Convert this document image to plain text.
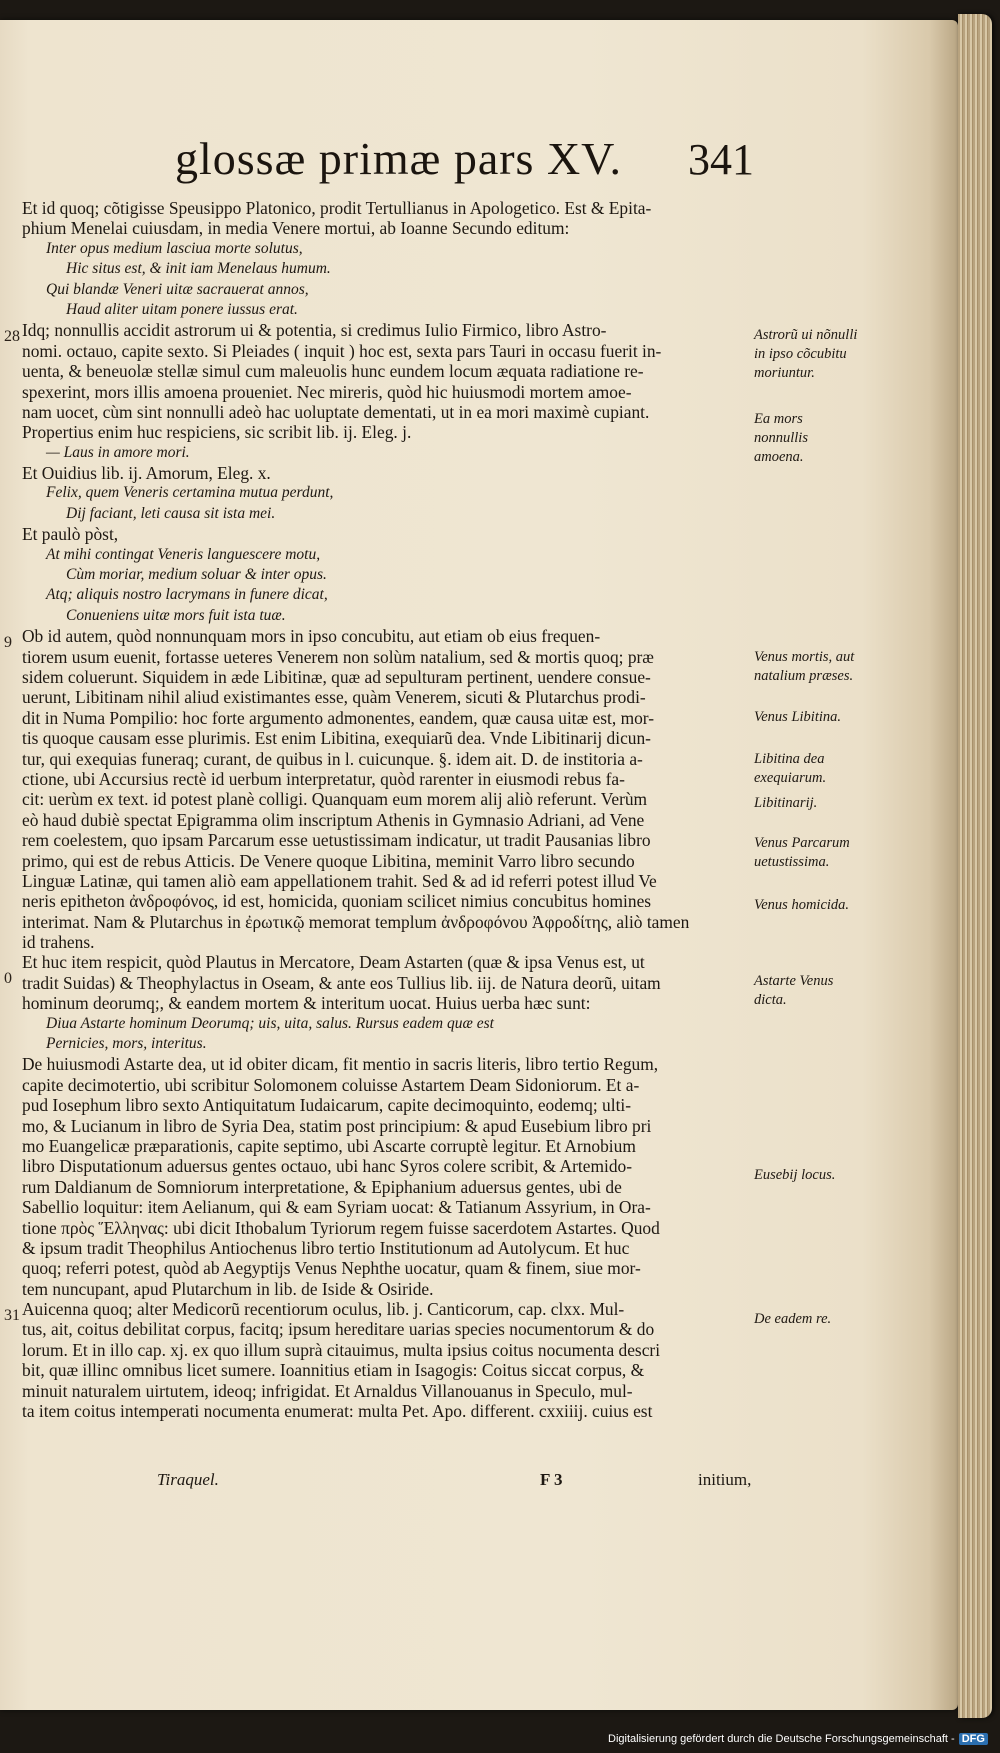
glossæ primæ pars XV. 341
28
9
0
31
Et id quoq; cõtigisse Speusippo Platonico, prodit Tertullianus in Apologetico. Est & Epita-
phium Menelai cuiusdam, in media Venere mortui, ab Ioanne Secundo editum:
Inter opus medium lasciua morte solutus,
Hic situs est, & init iam Menelaus humum.
Qui blandæ Veneri uitæ sacrauerat annos,
Haud aliter uitam ponere iussus erat.
Idq; nonnullis accidit astrorum ui & potentia, si credimus Iulio Firmico, libro Astro-
nomi. octauo, capite sexto. Si Pleiades ( inquit ) hoc est, sexta pars Tauri in occasu fuerit in-
uenta, & beneuolæ stellæ simul cum maleuolis hunc eundem locum æquata radiatione re-
spexerint, mors illis amoena proueniet. Nec mireris, quòd hic huiusmodi mortem amoe-
nam uocet, cùm sint nonnulli adeò hac uoluptate dementati, ut in ea mori maximè cupiant.
Propertius enim huc respiciens, sic scribit lib. ij. Eleg. j.
— Laus in amore mori.
Et Ouidius lib. ij. Amorum, Eleg. x.
Felix, quem Veneris certamina mutua perdunt,
Dij faciant, leti causa sit ista mei.
Et paulò pòst,
At mihi contingat Veneris languescere motu,
Cùm moriar, medium soluar & inter opus.
Atq; aliquis nostro lacrymans in funere dicat,
Conueniens uitæ mors fuit ista tuæ.
Ob id autem, quòd nonnunquam mors in ipso concubitu, aut etiam ob eius frequen-
tiorem usum euenit, fortasse ueteres Venerem non solùm natalium, sed & mortis quoq; præ
sidem coluerunt. Siquidem in æde Libitinæ, quæ ad sepulturam pertinent, uendere consue-
uerunt, Libitinam nihil aliud existimantes esse, quàm Venerem, sicuti & Plutarchus prodi-
dit in Numa Pompilio: hoc forte argumento admonentes, eandem, quæ causa uitæ est, mor-
tis quoque causam esse plurimis. Est enim Libitina, exequiarũ dea. Vnde Libitinarij dicun-
tur, qui exequias funeraq; curant, de quibus in l. cuicunque. §. idem ait. D. de institoria a-
ctione, ubi Accursius rectè id uerbum interpretatur, quòd rarenter in eiusmodi rebus fa-
cit: uerùm ex text. id potest planè colligi. Quanquam eum morem alij aliò referunt. Verùm
eò haud dubiè spectat Epigramma olim inscriptum Athenis in Gymnasio Adriani, ad Vene
rem coelestem, quo ipsam Parcarum esse uetustissimam indicatur, ut tradit Pausanias libro
primo, qui est de rebus Atticis. De Venere quoque Libitina, meminit Varro libro secundo
Linguæ Latinæ, qui tamen aliò eam appellationem trahit. Sed & ad id referri potest illud Ve
neris epitheton ἀνδροφόνος, id est, homicida, quoniam scilicet nimius concubitus homines
interimat. Nam & Plutarchus in ἐρωτικῷ memorat templum ἀνδροφόνου Ἀφροδίτης, aliò tamen
id trahens.
Et huc item respicit, quòd Plautus in Mercatore, Deam Astarten (quæ & ipsa Venus est, ut
tradit Suidas) & Theophylactus in Oseam, & ante eos Tullius lib. iij. de Natura deorũ, uitam
hominum deorumq;, & eandem mortem & interitum uocat. Huius uerba hæc sunt:
Diua Astarte hominum Deorumq; uis, uita, salus. Rursus eadem quæ est
Pernicies, mors, interitus.
De huiusmodi Astarte dea, ut id obiter dicam, fit mentio in sacris literis, libro tertio Regum,
capite decimotertio, ubi scribitur Solomonem coluisse Astartem Deam Sidoniorum. Et a-
pud Iosephum libro sexto Antiquitatum Iudaicarum, capite decimoquinto, eodemq; ulti-
mo, & Lucianum in libro de Syria Dea, statim post principium: & apud Eusebium libro pri
mo Euangelicæ præparationis, capite septimo, ubi Ascarte corruptè legitur. Et Arnobium
libro Disputationum aduersus gentes octauo, ubi hanc Syros colere scribit, & Artemido-
rum Daldianum de Somniorum interpretatione, & Epiphanium aduersus gentes, ubi de
Sabellio loquitur: item Aelianum, qui & eam Syriam uocat: & Tatianum Assyrium, in Ora-
tione πρὸς Ἕλληνας: ubi dicit Ithobalum Tyriorum regem fuisse sacerdotem Astartes. Quod
& ipsum tradit Theophilus Antiochenus libro tertio Institutionum ad Autolycum. Et huc
quoq; referri potest, quòd ab Aegyptijs Venus Nephthe uocatur, quam & finem, siue mor-
tem nuncupant, apud Plutarchum in lib. de Iside & Osiride.
Auicenna quoq; alter Medicorũ recentiorum oculus, lib. j. Canticorum, cap. clxx. Mul-
tus, ait, coitus debilitat corpus, facitq; ipsum hereditare uarias species nocumentorum & do
lorum. Et in illo cap. xj. ex quo illum suprà citauimus, multa ipsius coitus nocumenta descri
bit, quæ illinc omnibus licet sumere. Ioannitius etiam in Isagogis: Coitus siccat corpus, &
minuit naturalem uirtutem, ideoq; infrigidat. Et Arnaldus Villanouanus in Speculo, mul-
ta item coitus intemperati nocumenta enumerat: multa Pet. Apo. different. cxxiiij. cuius est
Astrorũ ui nõnulli in ipso cõcubitu moriuntur.
Ea mors nonnullis amoena.
Venus mortis, aut natalium præses.
Venus Libitina.
Libitina dea exequiarum.
Libitinarij.
Venus Parcarum uetustissima.
Venus homicida.
Astarte Venus dicta.
Eusebij locus.
De eadem re.
Tiraquel.	F 3	initium,
Digitalisierung gefördert durch die Deutsche Forschungsgemeinschaft - DFG
